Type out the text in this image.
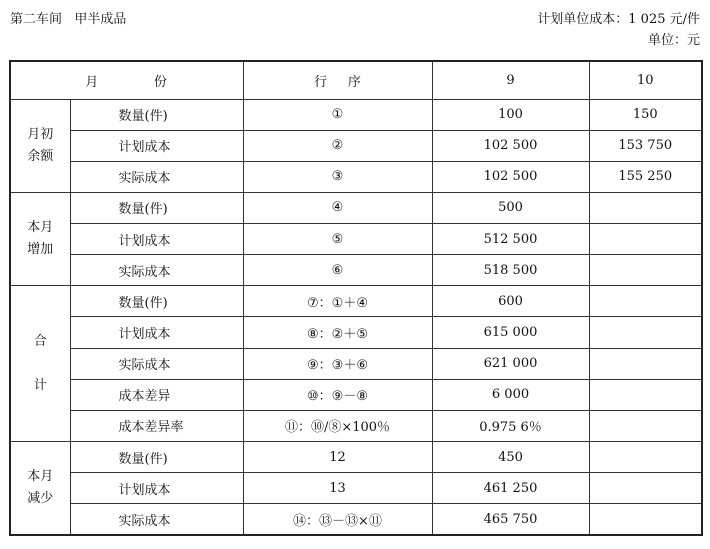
第二车间   甲半成品	计划单位成本：1 025 元/件
单位：元
月          份		行     序	9	10

月初
余额	数量(件)	①	100	150
	计划成本	②	102 500	153 750
	实际成本	③	102 500	155 250

本月
增加	数量(件)	④	500	
	计划成本	⑤	512 500	
	实际成本	⑥	518 500	

合

计	数量(件)	⑦：①＋④	600	
	计划成本	⑧：②＋⑤	615 000	
	实际成本	⑨：③＋⑥	621 000	
	成本差异	⑩：⑨－⑧	6 000	
	成本差异率	⑪：⑩/⑧×100％	0.975 6％	

本月
减少	数量(件)	12	450	
	计划成本	13	461 250	
	实际成本	⑭：⑬－⑬×⑪	465 750	
